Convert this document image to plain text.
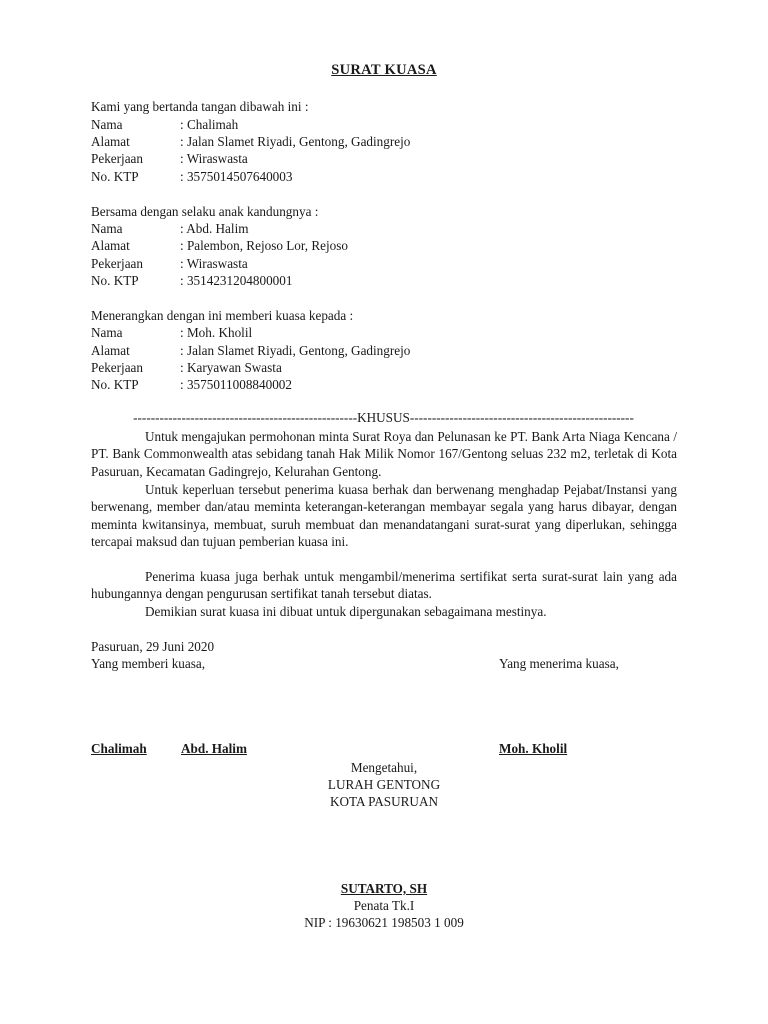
SURAT KUASA
Kami yang bertanda tangan dibawah ini :
Nama	: Chalimah
Alamat	: Jalan Slamet Riyadi, Gentong, Gadingrejo
Pekerjaan	: Wiraswasta
No. KTP	: 3575014507640003
Bersama dengan selaku anak kandungnya :
Nama	: Abd. Halim
Alamat	: Palembon, Rejoso Lor, Rejoso
Pekerjaan	: Wiraswasta
No. KTP	: 3514231204800001
Menerangkan dengan ini memberi kuasa kepada :
Nama	: Moh. Kholil
Alamat	: Jalan Slamet Riyadi, Gentong, Gadingrejo
Pekerjaan	: Karyawan Swasta
No. KTP	: 3575011008840002
---------------------------------------------------KHUSUS---------------------------------------------------
Untuk mengajukan permohonan minta Surat Roya dan Pelunasan ke PT. Bank Arta Niaga Kencana / PT. Bank Commonwealth atas sebidang tanah Hak Milik Nomor 167/Gentong seluas 232 m2, terletak di Kota Pasuruan, Kecamatan Gadingrejo, Kelurahan Gentong.
Untuk keperluan tersebut penerima kuasa berhak dan berwenang menghadap Pejabat/Instansi yang berwenang, member dan/atau meminta keterangan-keterangan membayar segala yang harus dibayar, dengan meminta kwitansinya, membuat, suruh membuat dan menandatangani surat-surat yang diperlukan, sehingga tercapai maksud dan tujuan pemberian kuasa ini.
Penerima kuasa juga berhak untuk mengambil/menerima sertifikat serta surat-surat lain yang ada hubungannya dengan pengurusan sertifikat tanah tersebut diatas.
Demikian surat kuasa ini dibuat untuk dipergunakan sebagaimana mestinya.
Pasuruan, 29 Juni 2020
Yang memberi kuasa,	Yang menerima kuasa,
Chalimah	Abd. Halim	Moh. Kholil
Mengetahui,
LURAH GENTONG
KOTA PASURUAN
SUTARTO, SH
Penata Tk.I
NIP : 19630621 198503 1 009
